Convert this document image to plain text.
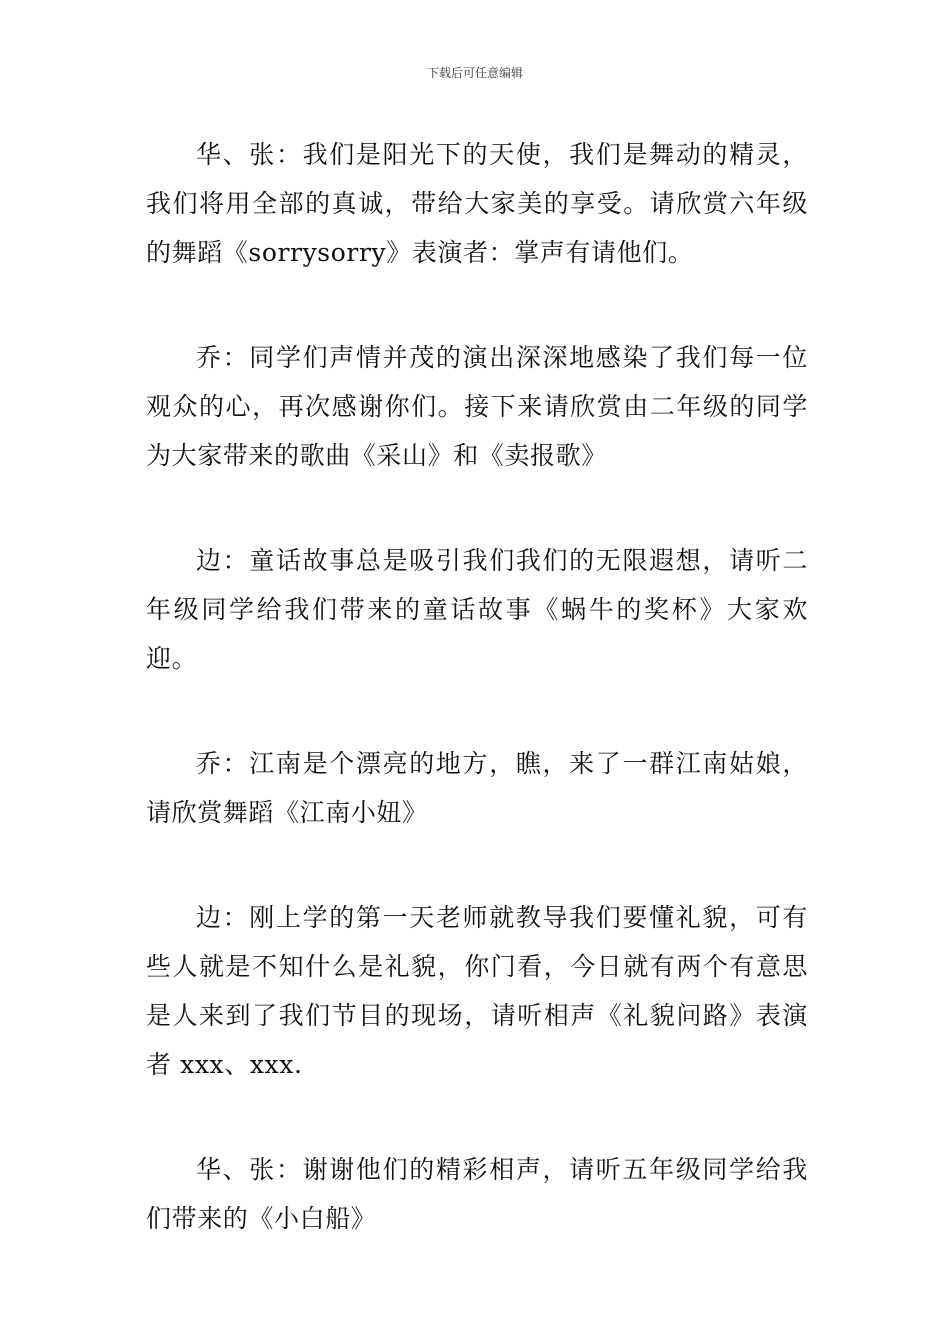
下载后可任意编辑

华、张：我们是阳光下的天使，我们是舞动的精灵，我们将用全部的真诚，带给大家美的享受。请欣赏六年级的舞蹈《sorrysorry》表演者：掌声有请他们。

乔：同学们声情并茂的演出深深地感染了我们每一位观众的心，再次感谢你们。接下来请欣赏由二年级的同学为大家带来的歌曲《采山》和《卖报歌》

边：童话故事总是吸引我们我们的无限遐想，请听二年级同学给我们带来的童话故事《蜗牛的奖杯》大家欢迎。

乔：江南是个漂亮的地方，瞧，来了一群江南姑娘，请欣赏舞蹈《江南小妞》

边：刚上学的第一天老师就教导我们要懂礼貌，可有些人就是不知什么是礼貌，你门看，今日就有两个有意思是人来到了我们节目的现场，请听相声《礼貌问路》表演者 xxx、xxx.

华、张：谢谢他们的精彩相声，请听五年级同学给我们带来的《小白船》
